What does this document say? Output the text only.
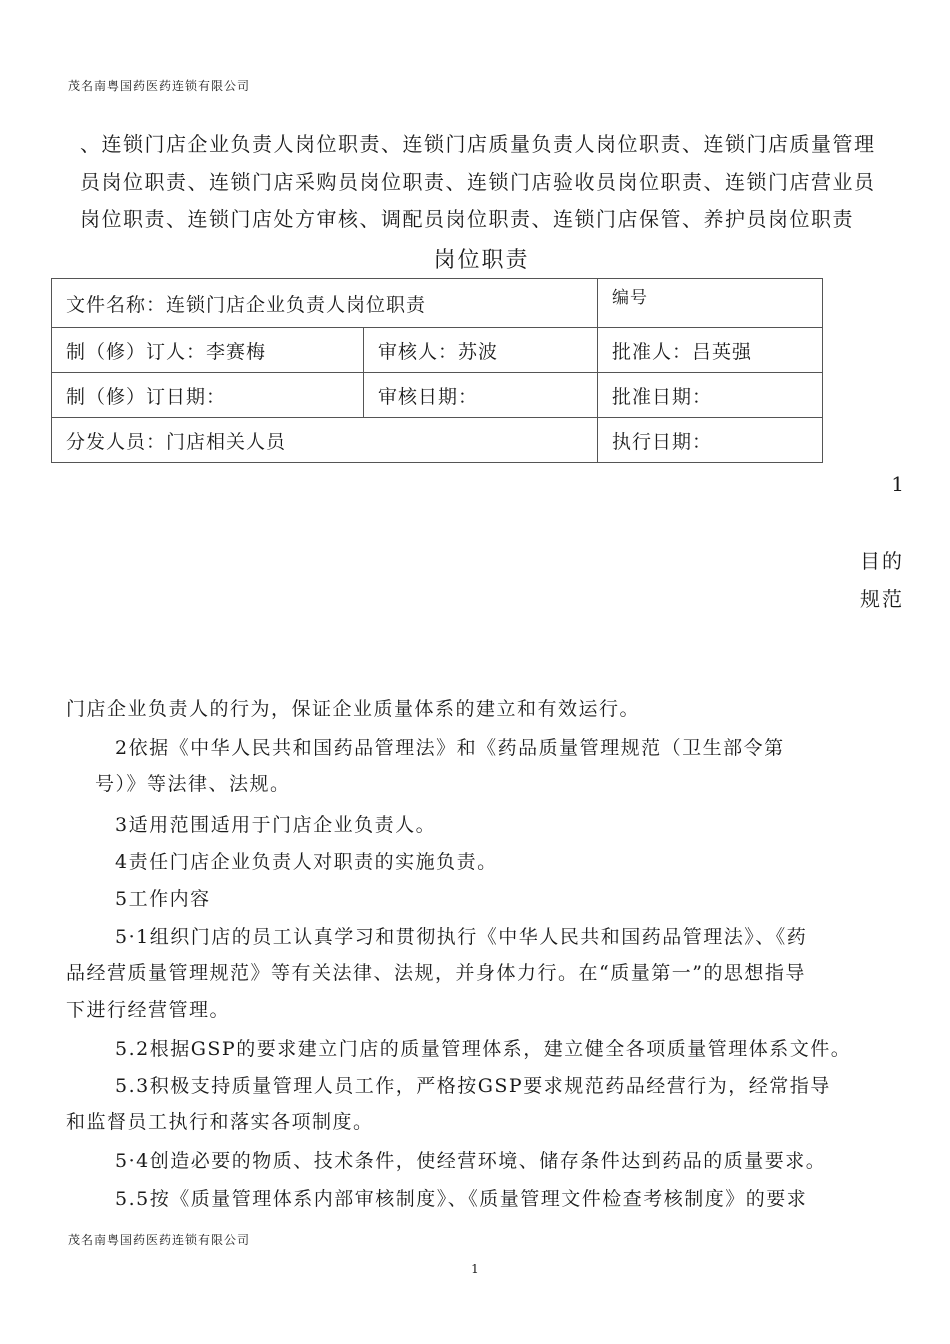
茂名南粤国药医药连锁有限公司
、连锁门店企业负责人岗位职责、连锁门店质量负责人岗位职责、连锁门店质量管理
员岗位职责、连锁门店采购员岗位职责、连锁门店验收员岗位职责、连锁门店营业员
岗位职责、连锁门店处方审核、调配员岗位职责、连锁门店保管、养护员岗位职责
岗位职责
文件名称：连锁门店企业负责人岗位职责		编号
制（修）订人：李赛梅	审核人：苏波	批准人：吕英强
制（修）订日期：	审核日期：	批准日期：
分发人员：门店相关人员		执行日期：
1
目的
规范
门店企业负责人的行为，保证企业质量体系的建立和有效运行。
2依据《中华人民共和国药品管理法》和《药品质量管理规范（卫生部令第
号）》等法律、法规。
3适用范围适用于门店企业负责人。
4责任门店企业负责人对职责的实施负责。
5工作内容
5·1组织门店的员工认真学习和贯彻执行《中华人民共和国药品管理法》、《药
品经营质量管理规范》等有关法律、法规，并身体力行。在“质量第一”的思想指导
下进行经营管理。
5.2根据GSP的要求建立门店的质量管理体系，建立健全各项质量管理体系文件。
5.3积极支持质量管理人员工作，严格按GSP要求规范药品经营行为，经常指导
和监督员工执行和落实各项制度。
5·4创造必要的物质、技术条件，使经营环境、储存条件达到药品的质量要求。
5.5按《质量管理体系内部审核制度》、《质量管理文件检查考核制度》的要求
茂名南粤国药医药连锁有限公司
1
